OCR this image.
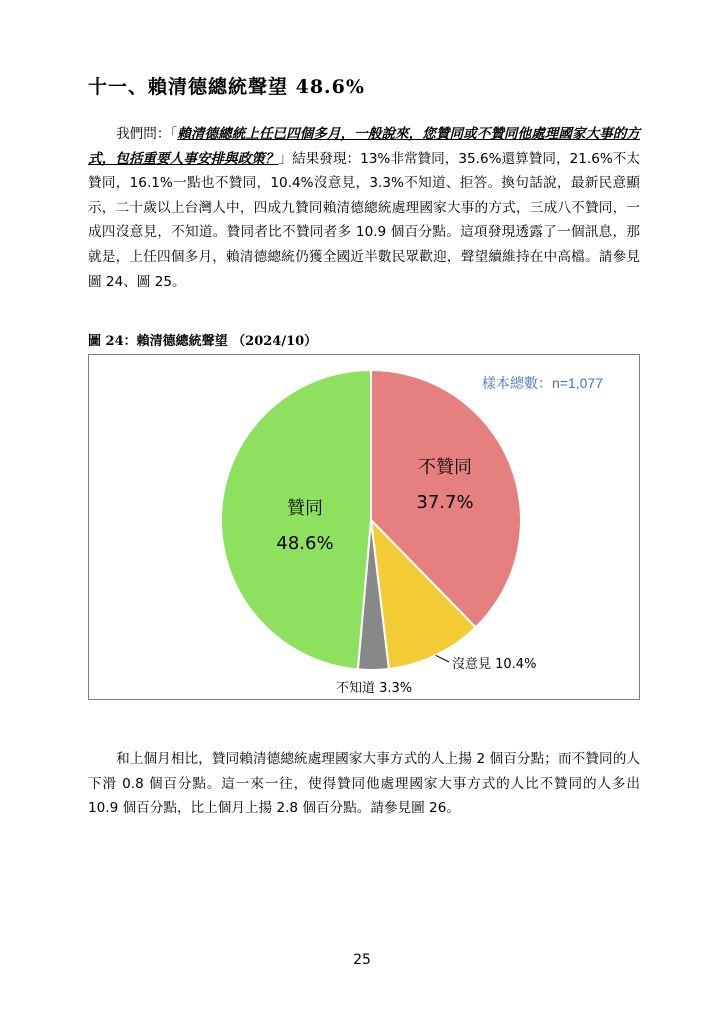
十一、賴清德總統聲望 48.6%
我們問：「賴清德總統上任已四個多月，一般說來，您贊同或不贊同他處理國家大事的方式，包括重要人事安排與政策？」結果發現：13%非常贊同，35.6%還算贊同，21.6%不太贊同，16.1%一點也不贊同，10.4%沒意見，3.3%不知道、拒答。換句話說，最新民意顯示，二十歲以上台灣人中，四成九贊同賴清德總統處理國家大事的方式，三成八不贊同，一成四沒意見，不知道。贊同者比不贊同者多 10.9 個百分點。這項發現透露了一個訊息，那就是，上任四個多月，賴清德總統仍獲全國近半數民眾歡迎，聲望續維持在中高檔。請參見圖 24、圖 25。
圖 24：賴清德總統聲望 （2024/10）
樣本總數：n=1,077
不贊同
37.7%
沒意見 10.4%
不知道 3.3%
贊同
48.6%
和上個月相比，贊同賴清德總統處理國家大事方式的人上揚 2 個百分點；而不贊同的人下滑 0.8 個百分點。這一來一往，使得贊同他處理國家大事方式的人比不贊同的人多出 10.9 個百分點，比上個月上揚 2.8 個百分點。請參見圖 26。
25
